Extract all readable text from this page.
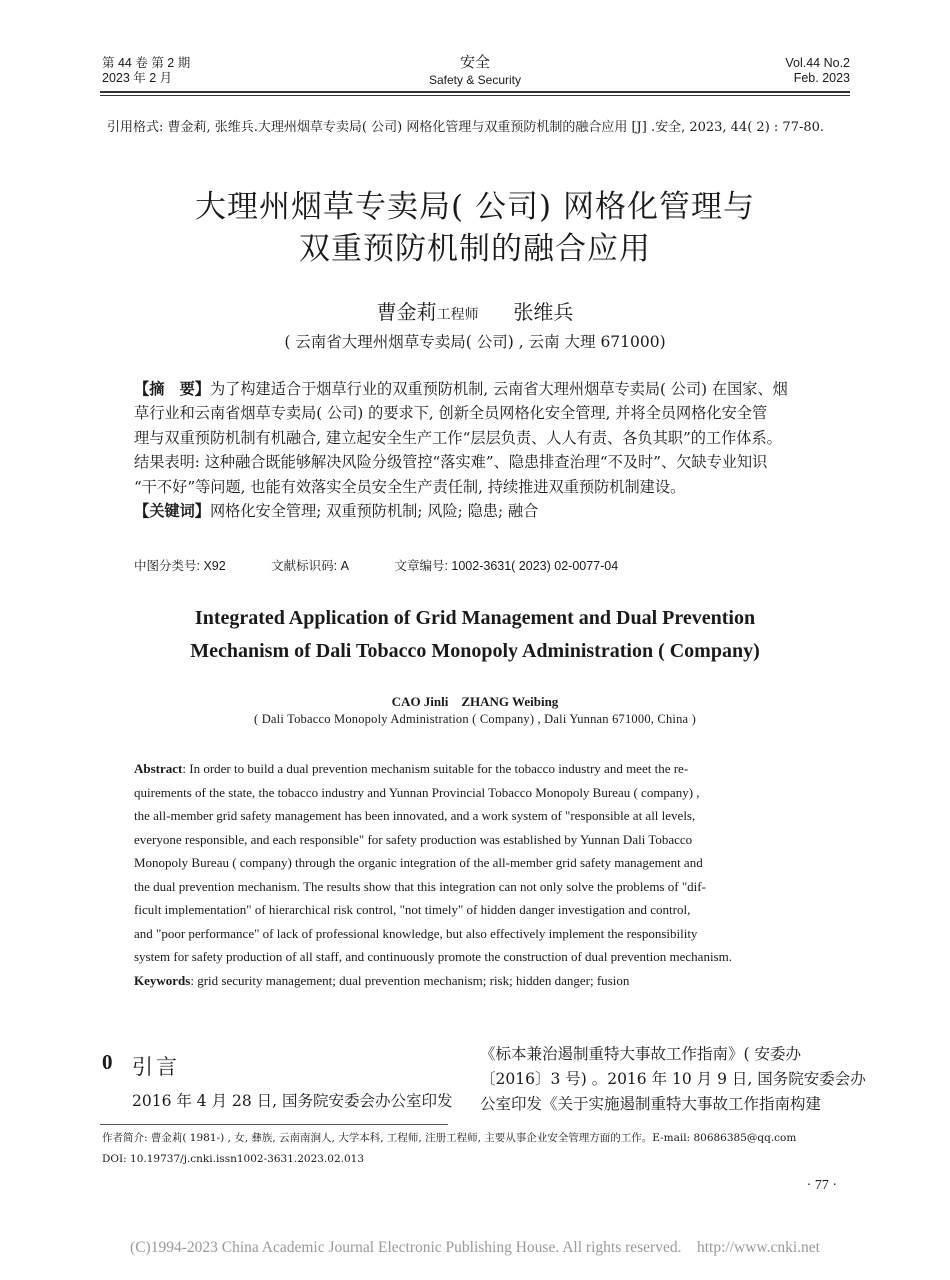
第 44 卷 第 2 期
2023 年 2 月
安全
Safety & Security
Vol.44 No.2
Feb. 2023
引用格式: 曹金莉, 张维兵.大理州烟草专卖局( 公司) 网格化管理与双重预防机制的融合应用 [J] .安全, 2023, 44( 2) : 77-80.
大理州烟草专卖局( 公司) 网格化管理与
双重预防机制的融合应用
曹金莉工程师 张维兵
( 云南省大理州烟草专卖局( 公司) , 云南 大理 671000)

【摘　要】为了构建适合于烟草行业的双重预防机制, 云南省大理州烟草专卖局( 公司) 在国家、烟

草行业和云南省烟草专卖局( 公司) 的要求下, 创新全员网格化安全管理, 并将全员网格化安全管

理与双重预防机制有机融合, 建立起安全生产工作“层层负责、人人有责、各负其职”的工作体系。

结果表明: 这种融合既能够解决风险分级管控“落实难”、隐患排查治理“不及时”、欠缺专业知识

“干不好”等问题, 也能有效落实全员安全生产责任制, 持续推进双重预防机制建设。

【关键词】网格化安全管理; 双重预防机制; 风险; 隐患; 融合

中图分类号: X92	文献标识码: A	文章编号: 1002-3631( 2023) 02-0077-04
Integrated Application of Grid Management and Dual Prevention
Mechanism of Dali Tobacco Monopoly Administration ( Company)
CAO Jinli　ZHANG Weibing
( Dali Tobacco Monopoly Administration ( Company) , Dali Yunnan 671000, China )

Abstract: In order to build a dual prevention mechanism suitable for the tobacco industry and meet the re-

quirements of the state, the tobacco industry and Yunnan Provincial Tobacco Monopoly Bureau ( company) ,

the all-member grid safety management has been innovated, and a work system of "responsible at all levels,

everyone responsible, and each responsible" for safety production was established by Yunnan Dali Tobacco

Monopoly Bureau ( company) through the organic integration of the all-member grid safety management and

the dual prevention mechanism. The results show that this integration can not only solve the problems of "dif-

ficult implementation" of hierarchical risk control, "not timely" of hidden danger investigation and control,

and "poor performance" of lack of professional knowledge, but also effectively implement the responsibility

system for safety production of all staff, and continuously promote the construction of dual prevention mechanism.

Keywords: grid security management; dual prevention mechanism; risk; hidden danger; fusion

0 引言
2016 年 4 月 28 日, 国务院安委会办公室印发
《标本兼治遏制重特大事故工作指南》( 安委办
〔2016〕3 号) 。2016 年 10 月 9 日, 国务院安委会办
公室印发《关于实施遏制重特大事故工作指南构建
作者简介: 曹金莉( 1981-) , 女, 彝族, 云南南涧人, 大学本科, 工程师, 注册工程师, 主要从事企业安全管理方面的工作。E-mail: 80686385@qq.com
DOI: 10.19737/j.cnki.issn1002-3631.2023.02.013
· 77 ·
(C)1994-2023 China Academic Journal Electronic Publishing House. All rights reserved.　http://www.cnki.net
